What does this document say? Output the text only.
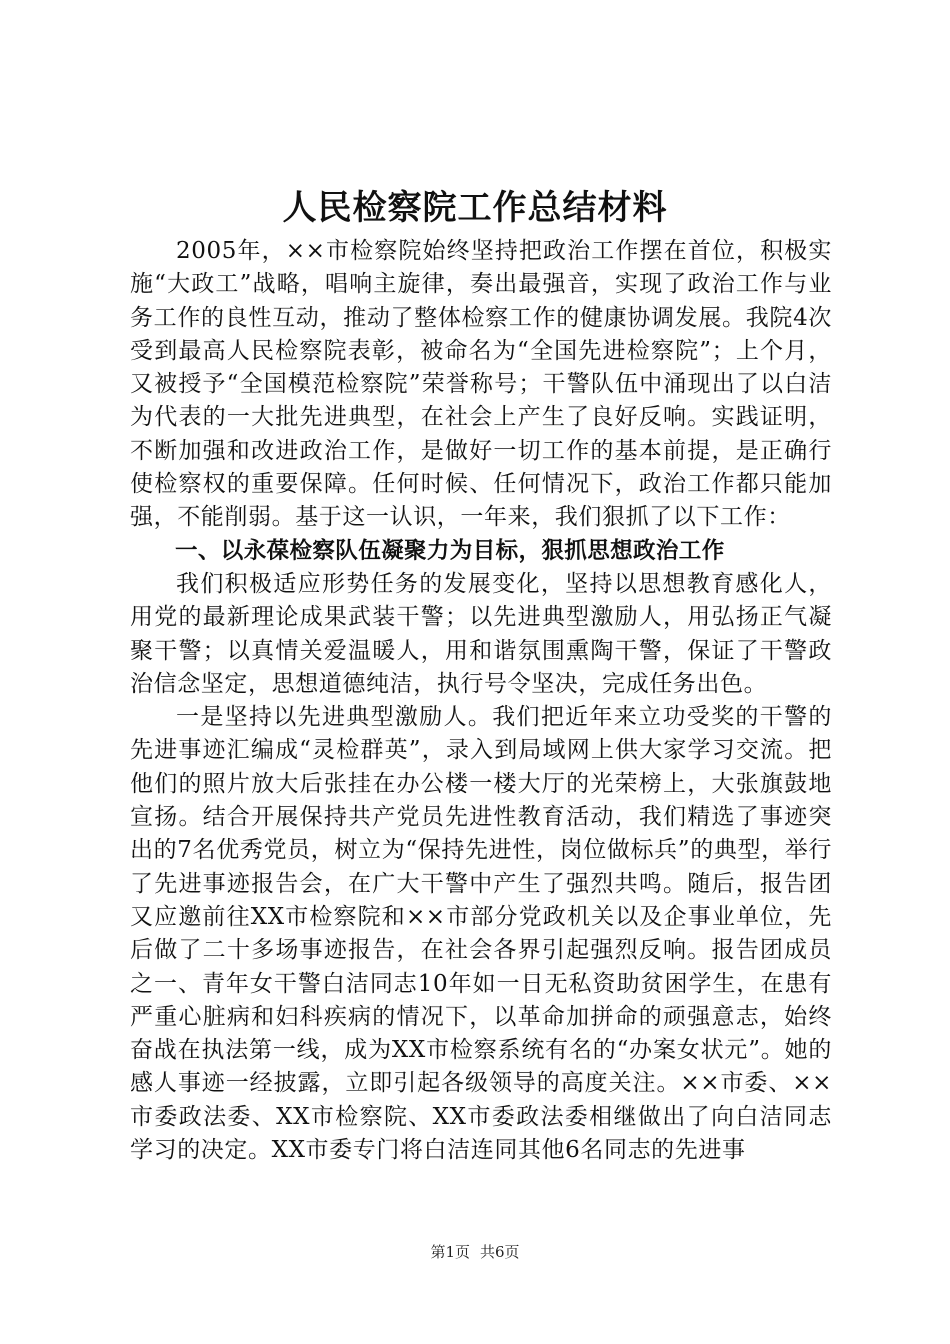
人民检察院工作总结材料

2005年，××市检察院始终坚持把政治工作摆在首位，积极实施“大政工”战略，唱响主旋律，奏出最强音，实现了政治工作与业务工作的良性互动，推动了整体检察工作的健康协调发展。我院4次受到最高人民检察院表彰，被命名为“全国先进检察院”；上个月，又被授予“全国模范检察院”荣誉称号；干警队伍中涌现出了以白洁为代表的一大批先进典型，在社会上产生了良好反响。实践证明，不断加强和改进政治工作，是做好一切工作的基本前提，是正确行使检察权的重要保障。任何时候、任何情况下，政治工作都只能加强，不能削弱。基于这一认识，一年来，我们狠抓了以下工作：

一、以永葆检察队伍凝聚力为目标，狠抓思想政治工作

我们积极适应形势任务的发展变化，坚持以思想教育感化人，用党的最新理论成果武装干警；以先进典型激励人，用弘扬正气凝聚干警；以真情关爱温暖人，用和谐氛围熏陶干警，保证了干警政治信念坚定，思想道德纯洁，执行号令坚决，完成任务出色。

一是坚持以先进典型激励人。我们把近年来立功受奖的干警的先进事迹汇编成“灵检群英”，录入到局域网上供大家学习交流。把他们的照片放大后张挂在办公楼一楼大厅的光荣榜上，大张旗鼓地宣扬。结合开展保持共产党员先进性教育活动，我们精选了事迹突出的7名优秀党员，树立为“保持先进性，岗位做标兵”的典型，举行了先进事迹报告会，在广大干警中产生了强烈共鸣。随后，报告团又应邀前往XX市检察院和××市部分党政机关以及企事业单位，先后做了二十多场事迹报告，在社会各界引起强烈反响。报告团成员之一、青年女干警白洁同志10年如一日无私资助贫困学生，在患有严重心脏病和妇科疾病的情况下，以革命加拼命的顽强意志，始终奋战在执法第一线，成为XX市检察系统有名的“办案女状元”。她的感人事迹一经披露，立即引起各级领导的高度关注。××市委、××市委政法委、XX市检察院、XX市委政法委相继做出了向白洁同志学习的决定。XX市委专门将白洁连同其他6名同志的先进事

第1页 共6页
